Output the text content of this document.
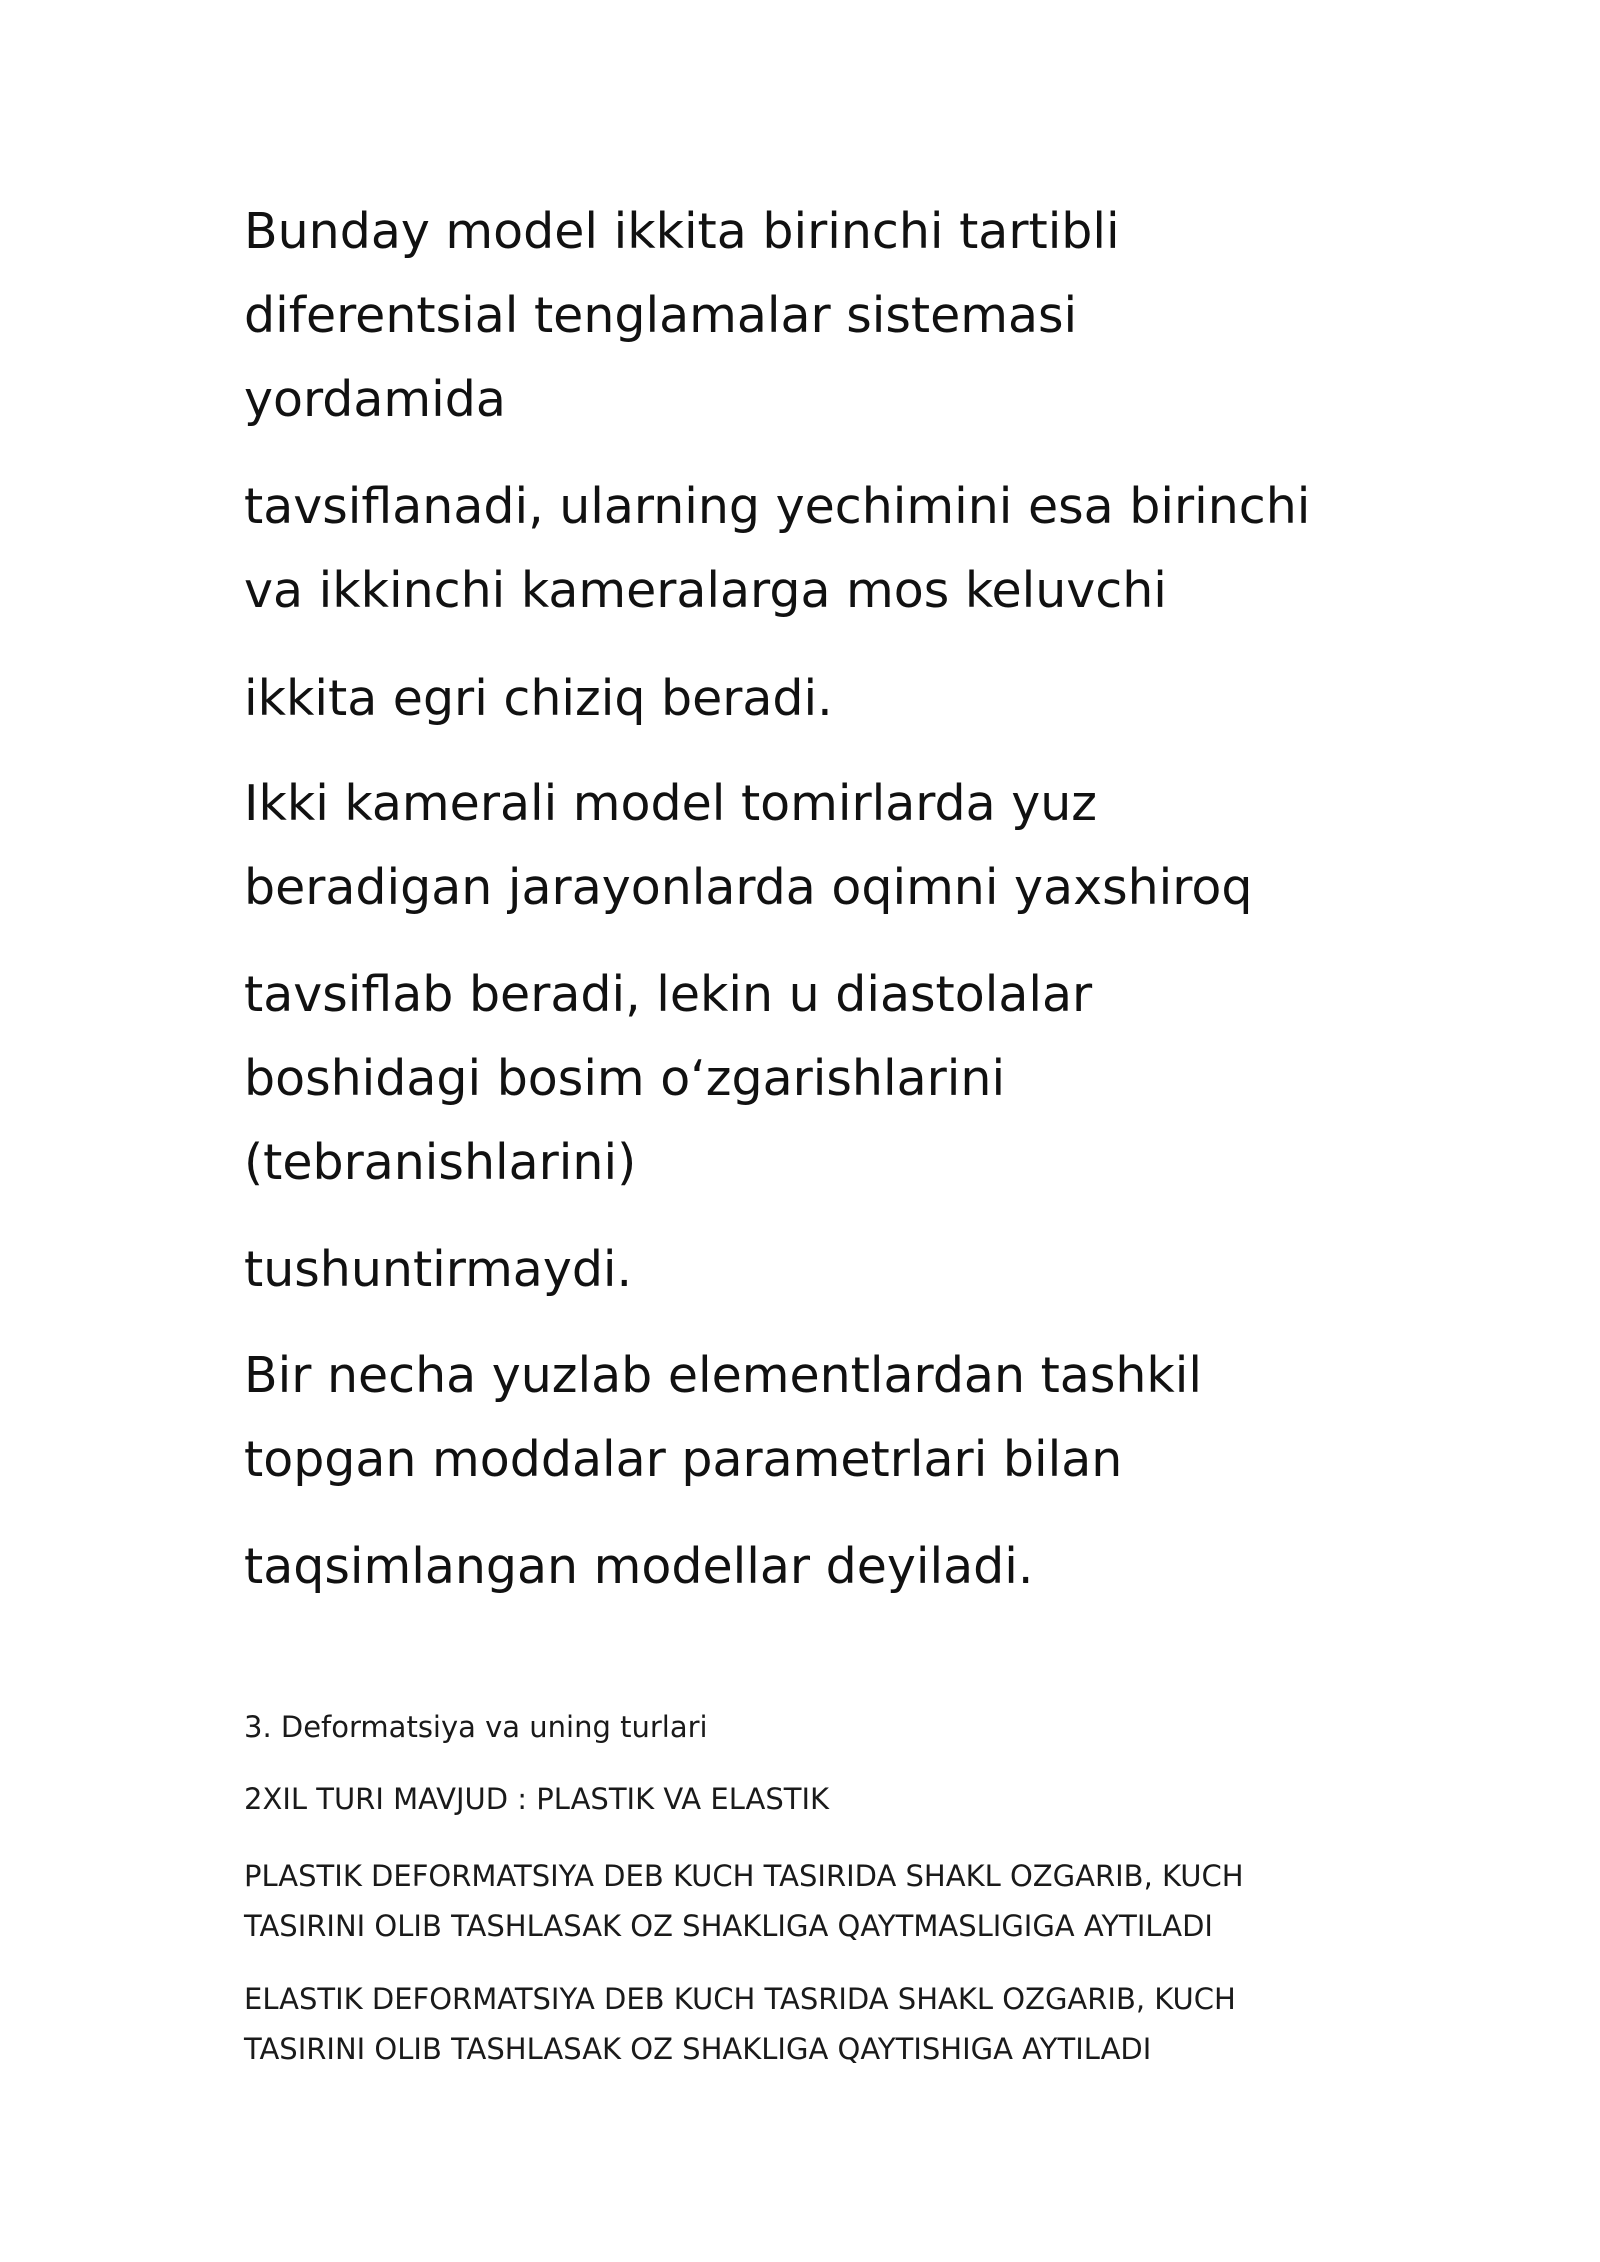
Bunday model ikkita birinchi tartibli

diferentsial tenglamalar sistemasi

yordamida

tavsiflanadi, ularning yechimini esa birinchi

va ikkinchi kameralarga mos keluvchi

ikkita egri chiziq beradi.

Ikki kamerali model tomirlarda yuz

beradigan jarayonlarda oqimni yaxshiroq

tavsiflab beradi, lekin u diastolalar

boshidagi bosim oʻzgarishlarini

(tebranishlarini)

tushuntirmaydi.

Bir necha yuzlab elementlardan tashkil

topgan moddalar parametrlari bilan

taqsimlangan modellar deyiladi.

3. Deformatsiya va uning turlari

2XIL TURI MAVJUD : PLASTIK VA ELASTIK

PLASTIK DEFORMATSIYA DEB KUCH TASIRIDA SHAKL OZGARIB, KUCH

TASIRINI OLIB TASHLASAK OZ SHAKLIGA QAYTMASLIGIGA AYTILADI

ELASTIK DEFORMATSIYA DEB KUCH TASRIDA SHAKL OZGARIB, KUCH

TASIRINI OLIB TASHLASAK OZ SHAKLIGA QAYTISHIGA AYTILADI
